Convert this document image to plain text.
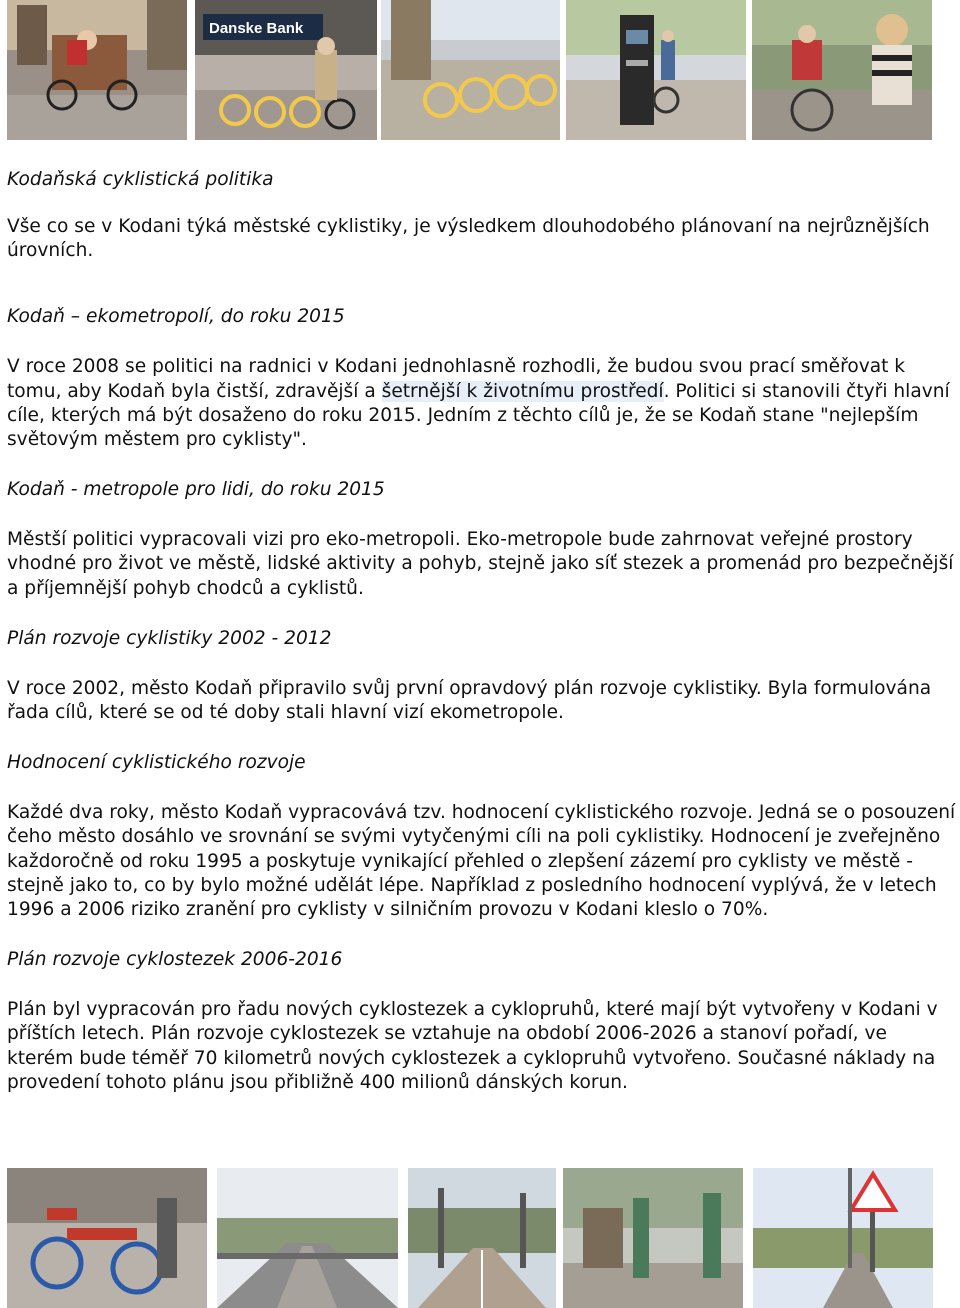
Danske Bank
Kodaňská cyklistická politika

Vše co se v Kodani týká městské cyklistiky, je výsledkem dlouhodobého plánovaní na nejrůznějších úrovních.

Kodaň – ekometropolí, do roku 2015

V roce 2008 se politici na radnici v Kodani jednohlasně rozhodli, že budou svou prací směřovat k tomu, aby Kodaň byla čistší, zdravější a šetrnější k životnímu prostředí. Politici si stanovili čtyři hlavní cíle, kterých má být dosaženo do roku 2015. Jedním z těchto cílů je, že se Kodaň stane "nejlepším světovým městem pro cyklisty".

Kodaň - metropole pro lidi, do roku 2015

Městší politici vypracovali vizi pro eko-metropoli. Eko-metropole bude zahrnovat veřejné prostory vhodné pro život ve městě, lidské aktivity a pohyb, stejně jako síť stezek a promenád pro bezpečnější a příjemnější pohyb chodců a cyklistů.

Plán rozvoje cyklistiky 2002 - 2012

V roce 2002, město Kodaň připravilo svůj první opravdový plán rozvoje cyklistiky. Byla formulována řada cílů, které se od té doby stali hlavní vizí ekometropole.

Hodnocení cyklistického rozvoje

Každé dva roky, město Kodaň vypracovává tzv. hodnocení cyklistického rozvoje. Jedná se o posouzení čeho město dosáhlo ve srovnání se svými vytyčenými cíli na poli cyklistiky. Hodnocení je zveřejněno každoročně od roku 1995 a poskytuje vynikající přehled o zlepšení zázemí pro cyklisty ve městě - stejně jako to, co by bylo možné udělát lépe. Například z posledního hodnocení vyplývá, že v letech 1996 a 2006 riziko zranění pro cyklisty v silničním provozu v Kodani kleslo o 70%.

Plán rozvoje cyklostezek 2006-2016

Plán byl vypracován pro řadu nových cyklostezek a cyklopruhů, které mají být vytvořeny v Kodani v příštích letech. Plán rozvoje cyklostezek se vztahuje na období 2006-2026 a stanoví pořadí, ve kterém bude téměř 70 kilometrů nových cyklostezek a cyklopruhů vytvořeno. Současné náklady na provedení tohoto plánu jsou přibližně 400 milionů dánských korun.
